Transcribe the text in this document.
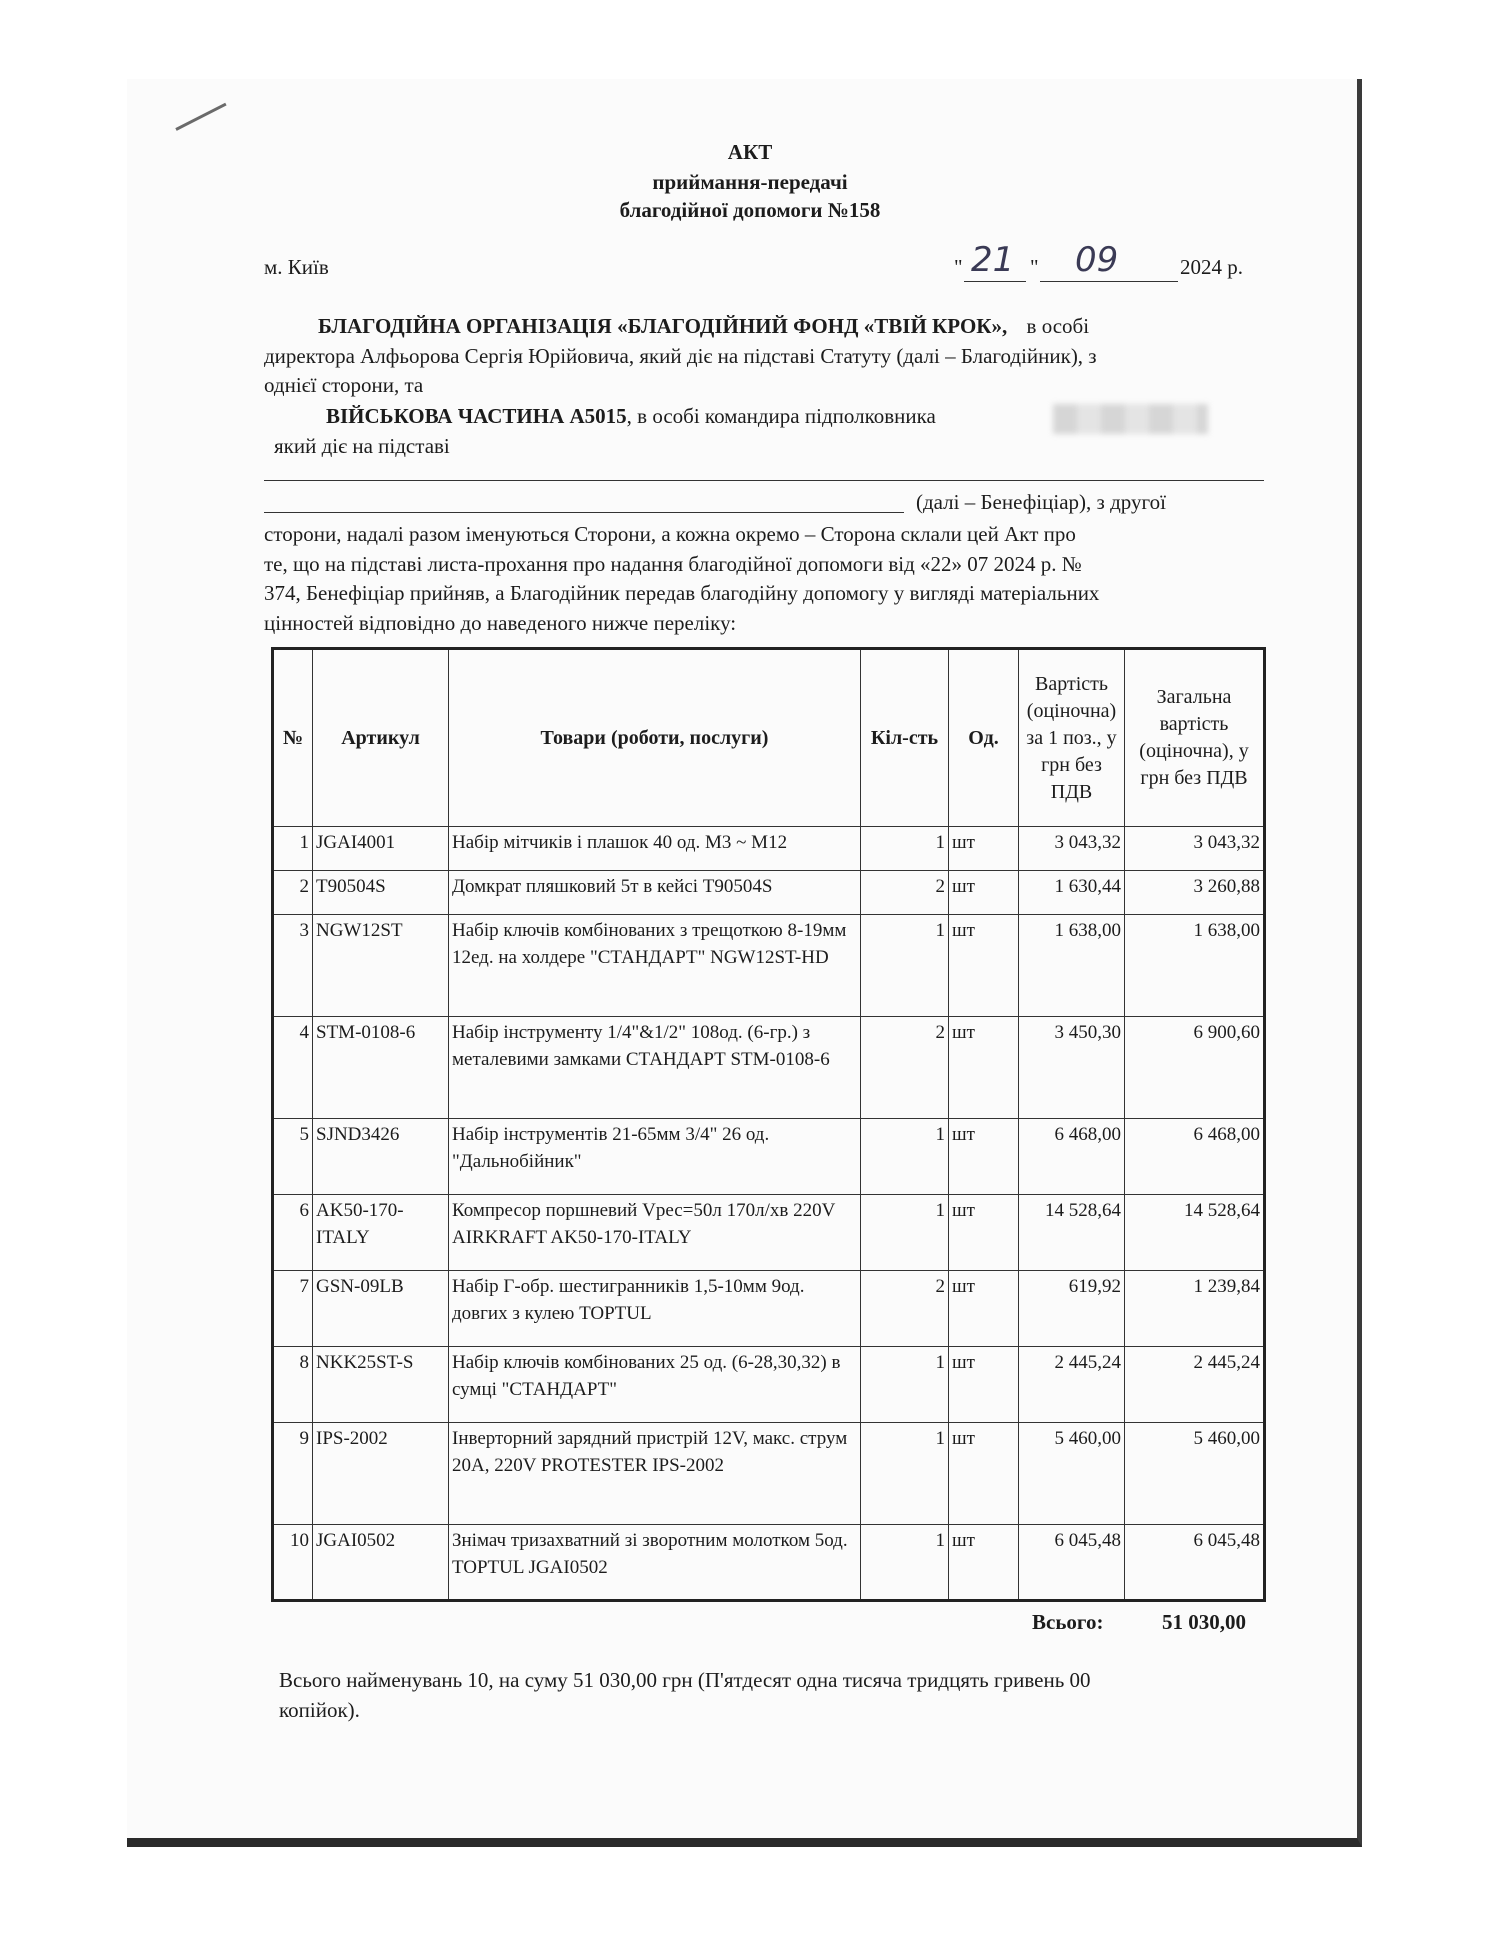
АКТ
приймання-передачі
благодійної допомоги №158
м. Київ	" 21 " 09	2024 р.
БЛАГОДІЙНА ОРГАНІЗАЦІЯ «БЛАГОДІЙНИЙ ФОНД «ТВІЙ КРОК», в особі
директора Алфьорова Сергія Юрійовича, який діє на підставі Статуту (далі – Благодійник), з
однієї сторони, та
ВІЙСЬКОВА ЧАСТИНА А5015, в особі командира підполковника
який діє на підставі
(далі – Бенефіціар), з другої
сторони, надалі разом іменуються Сторони, а кожна окремо – Сторона склали цей Акт про
те, що на підставі листа-прохання про надання благодійної допомоги від «22» 07 2024 р. №
374, Бенефіціар прийняв, а Благодійник передав благодійну допомогу у вигляді матеріальних
цінностей відповідно до наведеного нижче переліку:
№	Артикул	Товари (роботи, послуги)	Кіл-сть	Од.	Вартість (оціночна) за 1 поз., у грн без ПДВ	Загальна вартість (оціночна), у грн без ПДВ
1	JGAI4001	Набір мітчиків і плашок 40 од. М3 ~ М12	1	шт	3 043,32	3 043,32
2	T90504S	Домкрат пляшковий 5т в кейсі T90504S	2	шт	1 630,44	3 260,88
3	NGW12ST	Набір ключів комбінованих з трещоткою 8-19мм 12ед. на холдере "СТАНДАРТ" NGW12ST-HD	1	шт	1 638,00	1 638,00
4	STM-0108-6	Набір інструменту 1/4"&1/2" 108од. (6-гр.) з металевими замками СТАНДАРТ STM-0108-6	2	шт	3 450,30	6 900,60
5	SJND3426	Набір інструментів 21-65мм 3/4" 26 од. "Дальнобійник"	1	шт	6 468,00	6 468,00
6	AK50-170-ITALY	Компресор поршневий Vрес=50л 170л/хв 220V AIRKRAFT AK50-170-ITALY	1	шт	14 528,64	14 528,64
7	GSN-09LB	Набір Г-обр. шестигранників 1,5-10мм 9од. довгих з кулею TOPTUL	2	шт	619,92	1 239,84
8	NKK25ST-S	Набір ключів комбінованих 25 од. (6-28,30,32) в сумці "СТАНДАРТ"	1	шт	2 445,24	2 445,24
9	IPS-2002	Інверторний зарядний пристрій 12V, макс. струм 20А, 220V PROTESTER IPS-2002	1	шт	5 460,00	5 460,00
10	JGAI0502	Знімач тризахватний зі зворотним молотком 5од. TOPTUL JGAI0502	1	шт	6 045,48	6 045,48
Всього:	51 030,00
Всього найменувань 10, на суму 51 030,00 грн (П'ятдесят одна тисяча тридцять гривень 00
копійок).
